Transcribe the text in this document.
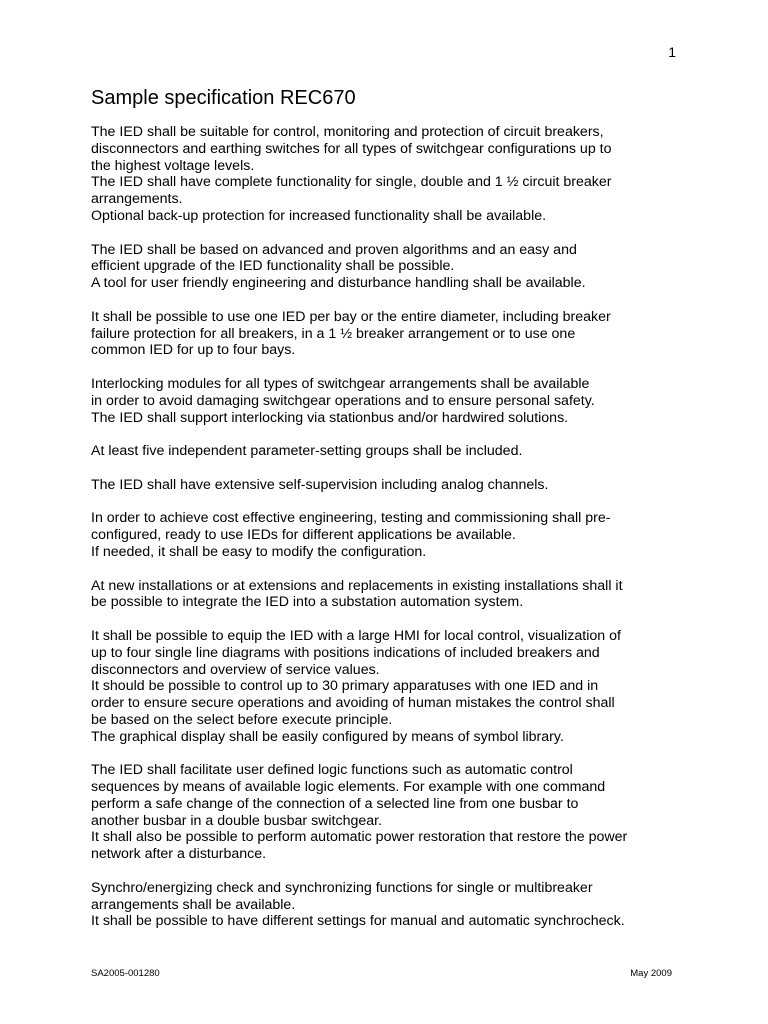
1
Sample specification REC670
The IED shall be suitable for control, monitoring and protection of circuit breakers,
disconnectors and earthing switches for all types of switchgear configurations up to
the highest voltage levels.
The IED shall have complete functionality for single, double and 1 ½ circuit breaker
arrangements.
Optional back-up protection for increased functionality shall be available.
The IED shall be based on advanced and proven algorithms and an easy and
efficient upgrade of the IED functionality shall be possible.
A tool for user friendly engineering and disturbance handling shall be available.
It shall be possible to use one IED per bay or the entire diameter, including breaker
failure protection for all breakers, in a 1 ½ breaker arrangement or to use one
common IED for up to four bays.
Interlocking modules for all types of switchgear arrangements shall be available
in order to avoid damaging switchgear operations and to ensure personal safety.
The IED shall support interlocking via stationbus and/or hardwired solutions.
At least five independent parameter-setting groups shall be included.
The IED shall have extensive self-supervision including analog channels.
In order to achieve cost effective engineering, testing and commissioning shall pre-
configured, ready to use IEDs for different applications be available.
If needed, it shall be easy to modify the configuration.
At new installations or at extensions and replacements in existing installations shall it
be possible to integrate the IED into a substation automation system.
It shall be possible to equip the IED with a large HMI for local control, visualization of
up to four single line diagrams with positions indications of included breakers and
disconnectors and overview of service values.
It should be possible to control up to 30 primary apparatuses with one IED and in
order to ensure secure operations and avoiding of human mistakes the control shall
be based on the select before execute principle.
The graphical display shall be easily configured by means of symbol library.
The IED shall facilitate user defined logic functions such as automatic control
sequences by means of available logic elements. For example with one command
perform a safe change of the connection of a selected line from one busbar to
another busbar in a double busbar switchgear.
It shall also be possible to perform automatic power restoration that restore the power
network after a disturbance.
Synchro/energizing check and synchronizing functions for single or multibreaker
arrangements shall be available.
It shall be possible to have different settings for manual and automatic synchrocheck.
SA2005-001280	May 2009
